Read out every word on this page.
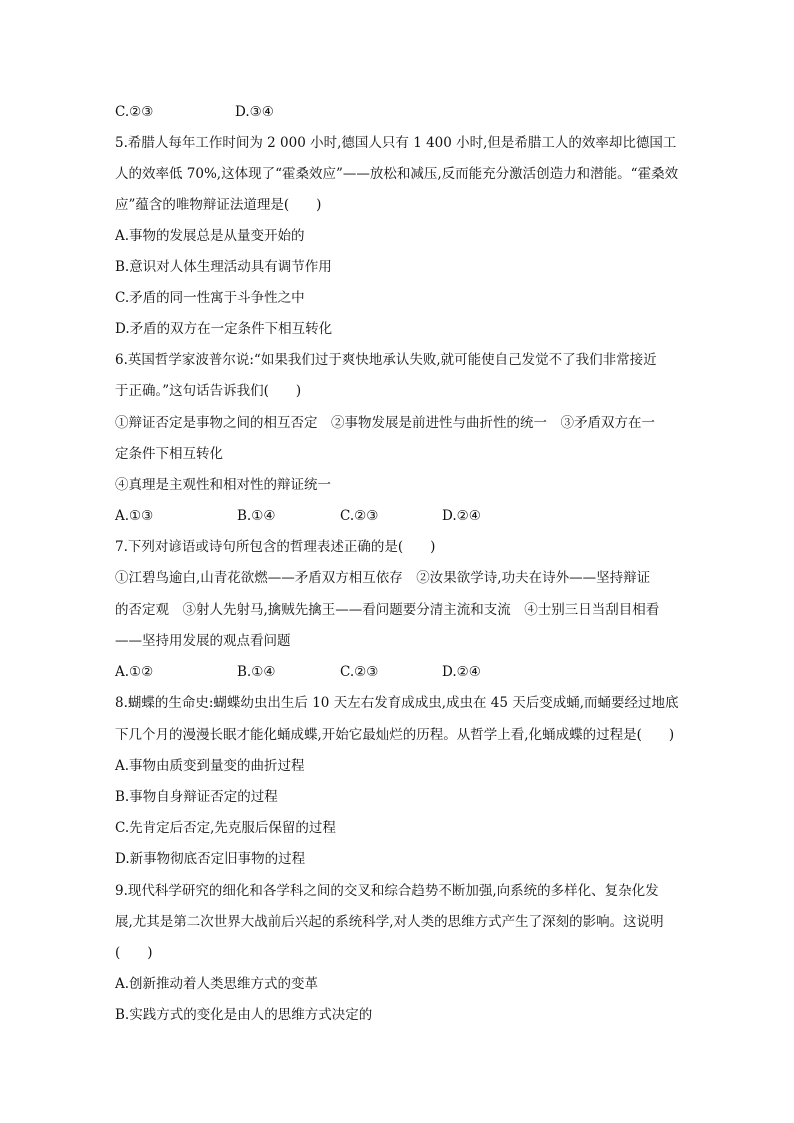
C.②③	D.③④
5.希腊人每年工作时间为 2 000 小时,德国人只有 1 400 小时,但是希腊工人的效率却比德国工
人的效率低 70%,这体现了“霍桑效应”——放松和减压,反而能充分激活创造力和潜能。“霍桑效
应”蕴含的唯物辩证法道理是(　　)
A.事物的发展总是从量变开始的
B.意识对人体生理活动具有调节作用
C.矛盾的同一性寓于斗争性之中
D.矛盾的双方在一定条件下相互转化
6.英国哲学家波普尔说:“如果我们过于爽快地承认失败,就可能使自己发觉不了我们非常接近
于正确。”这句话告诉我们(　　)
①辩证否定是事物之间的相互否定　②事物发展是前进性与曲折性的统一　③矛盾双方在一
定条件下相互转化
④真理是主观性和相对性的辩证统一
A.①③	B.①④	C.②③	D.②④
7.下列对谚语或诗句所包含的哲理表述正确的是(　　)
①江碧鸟逾白,山青花欲燃——矛盾双方相互依存　②汝果欲学诗,功夫在诗外——坚持辩证
的否定观　③射人先射马,擒贼先擒王——看问题要分清主流和支流　④士别三日当刮目相看
——坚持用发展的观点看问题
A.①②	B.①④	C.②③	D.②④
8.蝴蝶的生命史:蝴蝶幼虫出生后 10 天左右发育成成虫,成虫在 45 天后变成蛹,而蛹要经过地底
下几个月的漫漫长眠才能化蛹成蝶,开始它最灿烂的历程。从哲学上看,化蛹成蝶的过程是(　　)
A.事物由质变到量变的曲折过程
B.事物自身辩证否定的过程
C.先肯定后否定,先克服后保留的过程
D.新事物彻底否定旧事物的过程
9.现代科学研究的细化和各学科之间的交叉和综合趋势不断加强,向系统的多样化、复杂化发
展,尤其是第二次世界大战前后兴起的系统科学,对人类的思维方式产生了深刻的影响。这说明
(　　)
A.创新推动着人类思维方式的变革
B.实践方式的变化是由人的思维方式决定的
